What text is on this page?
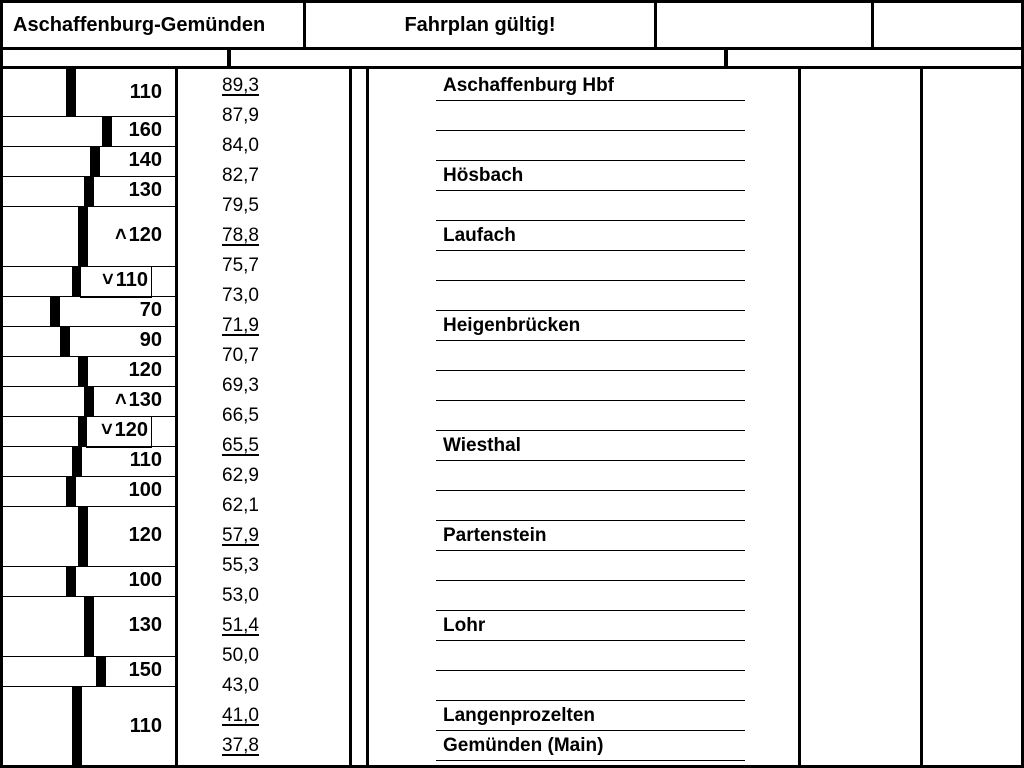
Aschaffenburg-Gemünden	Fahrplan gültig!
110
160
140
130
˄ 120
˅ 110
70
90
120
˄ 130
˅ 120
110
100
120
100
130
150
110
89,3
87,9
84,0
82,7
79,5
78,8
75,7
73,0
71,9
70,7
69,3
66,5
65,5
62,9
62,1
57,9
55,3
53,0
51,4
50,0
43,0
41,0
37,8
Aschaffenburg Hbf
Hösbach
Laufach
Heigenbrücken
Wiesthal
Partenstein
Lohr
Langenprozelten
Gemünden (Main)
